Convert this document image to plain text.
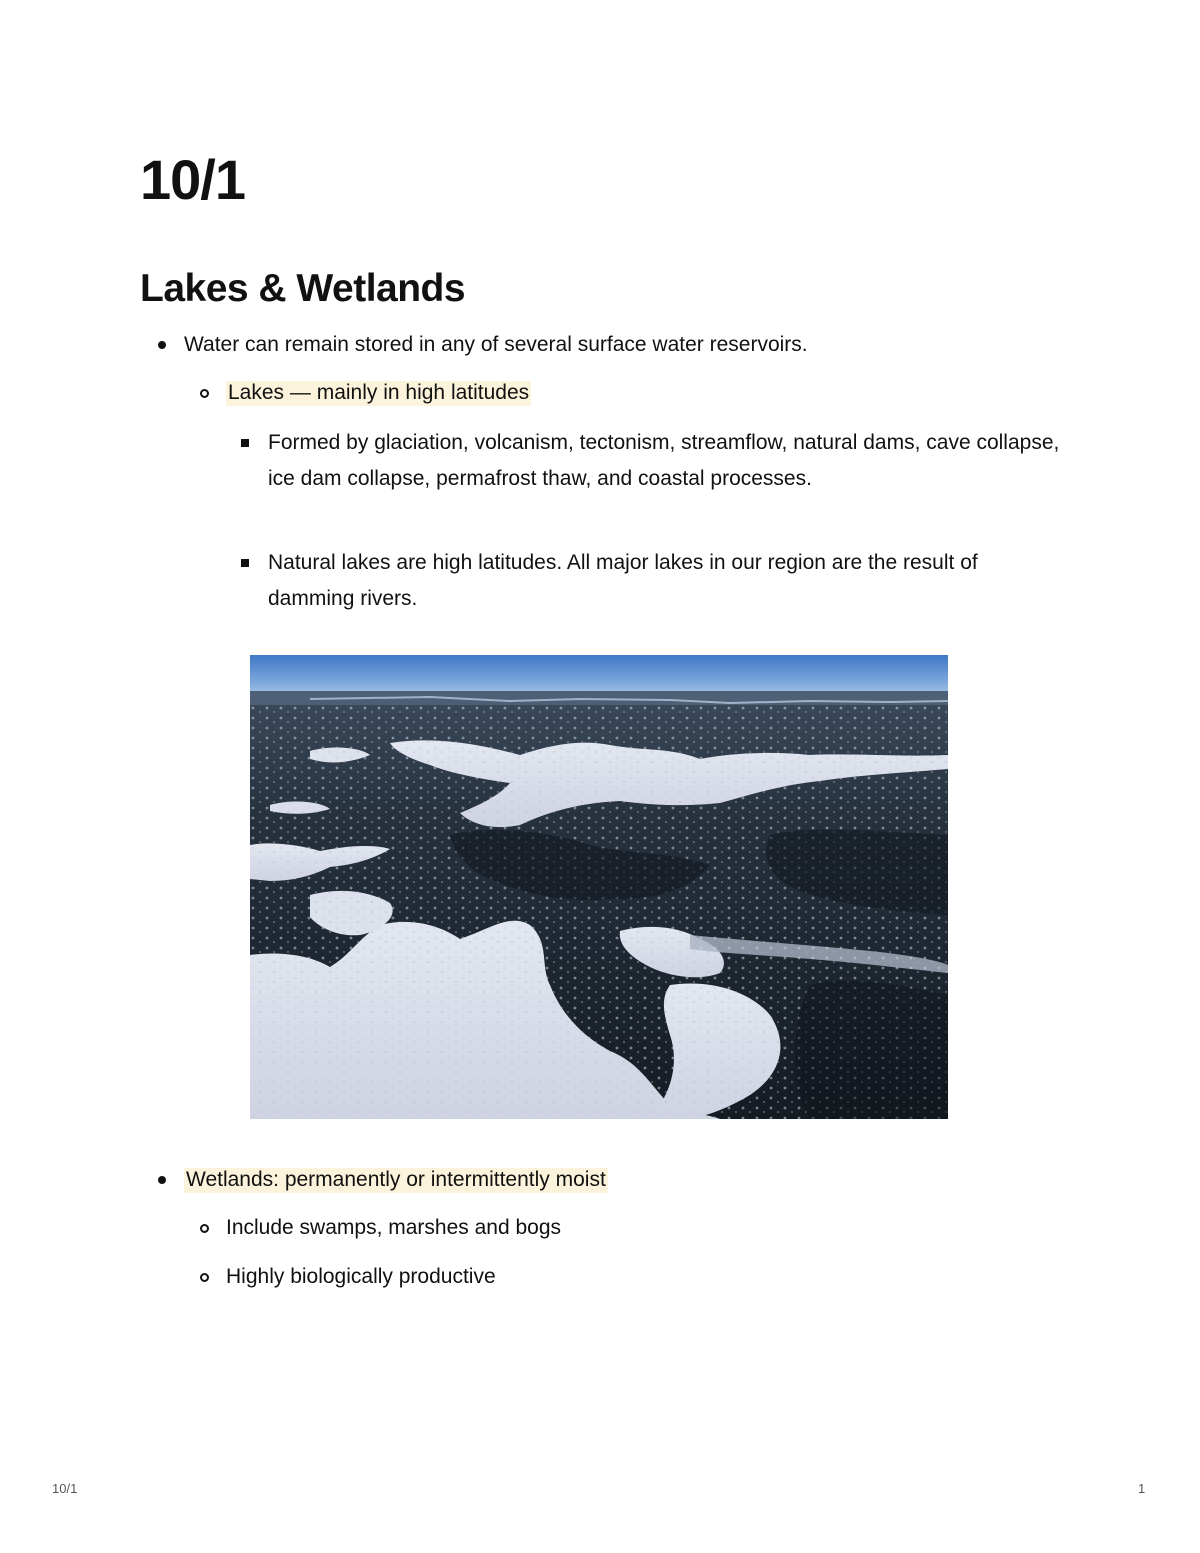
10/1
Lakes & Wetlands

Water can remain stored in any of several surface water reservoirs.

Lakes — mainly in high latitudes

Formed by glaciation, volcanism, tectonism, streamflow, natural dams, cave collapse, ice dam collapse, permafrost thaw, and coastal processes.

Natural lakes are high latitudes. All major lakes in our region are the result of damming rivers.

Wetlands: permanently or intermittently moist

Include swamps, marshes and bogs

Highly biologically productive

10/1	1
